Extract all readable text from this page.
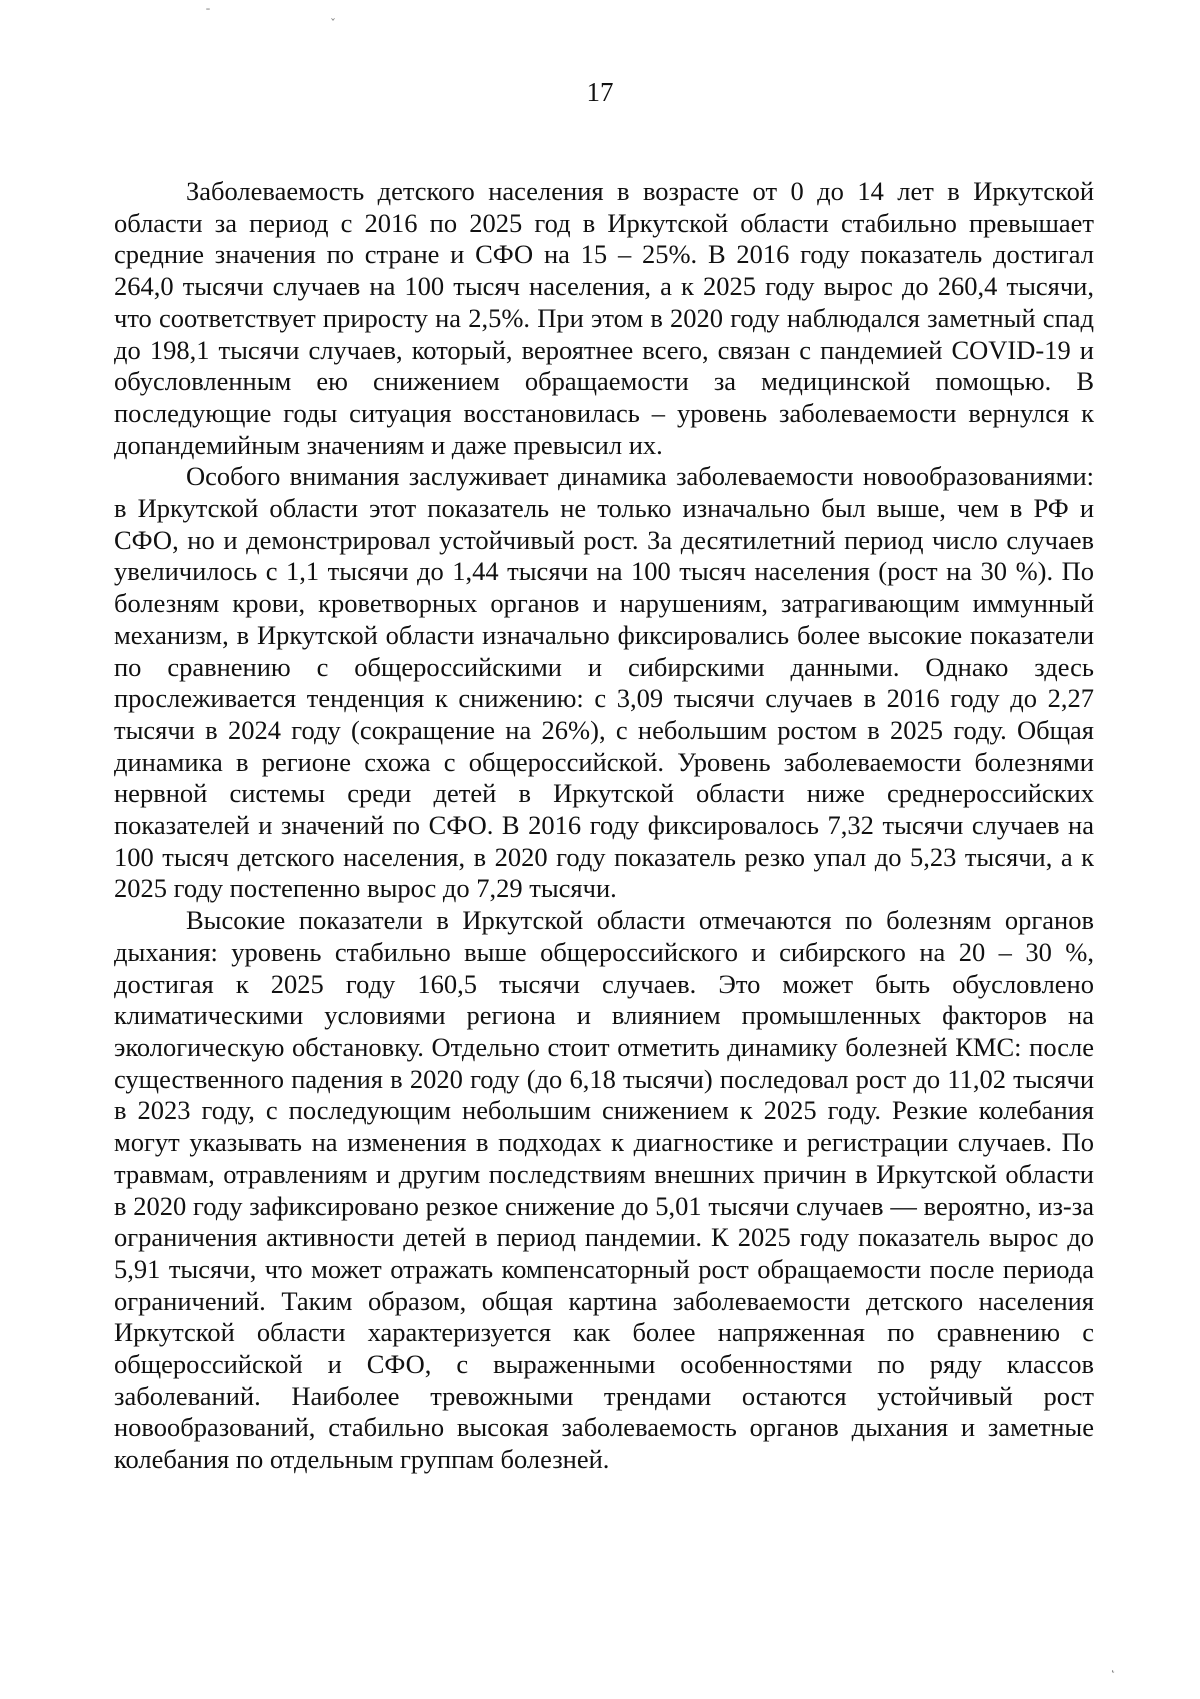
ˉ
ˇ
17

Заболеваемость детского населения в возрасте от 0 до 14 лет в Иркутской области за период с 2016 по 2025 год в Иркутской области стабильно превышает средние значения по стране и СФО на 15 – 25%. В 2016 году показатель достигал 264,0 тысячи случаев на 100 тысяч населения, а к 2025 году вырос до 260,4 тысячи, что соответствует приросту на 2,5%. При этом в 2020 году наблюдался заметный спад до 198,1 тысячи случаев, который, вероятнее всего, связан с пандемией COVID-19 и обусловленным ею снижением обращаемости за медицинской помощью. В последующие годы ситуация восстановилась – уровень заболеваемости вернулся к допандемийным значениям и даже превысил их.

Особого внимания заслуживает динамика заболеваемости новообразованиями: в Иркутской области этот показатель не только изначально был выше, чем в РФ и СФО, но и демонстрировал устойчивый рост. За десятилетний период число случаев увеличилось с 1,1 тысячи до 1,44 тысячи на 100 тысяч населения (рост на 30 %). По болезням крови, кроветворных органов и нарушениям, затрагивающим иммунный механизм, в Иркутской области изначально фиксировались более высокие показатели по сравнению с общероссийскими и сибирскими данными. Однако здесь прослеживается тенденция к снижению: с 3,09 тысячи случаев в 2016 году до 2,27 тысячи в 2024 году (сокращение на 26%), с небольшим ростом в 2025 году. Общая динамика в регионе схожа с общероссийской. Уровень заболеваемости болезнями нервной системы среди детей в Иркутской области ниже среднероссийских показателей и значений по СФО. В 2016 году фиксировалось 7,32 тысячи случаев на 100 тысяч детского населения, в 2020 году показатель резко упал до 5,23 тысячи, а к 2025 году постепенно вырос до 7,29 тысячи.

Высокие показатели в Иркутской области отмечаются по болезням органов дыхания: уровень стабильно выше общероссийского и сибирского на 20 – 30 %, достигая к 2025 году 160,5 тысячи случаев. Это может быть обусловлено климатическими условиями региона и влиянием промышленных факторов на экологическую обстановку. Отдельно стоит отметить динамику болезней КМС: после существенного падения в 2020 году (до 6,18 тысячи) последовал рост до 11,02 тысячи в 2023 году, с последующим небольшим снижением к 2025 году. Резкие колебания могут указывать на изменения в подходах к диагностике и регистрации случаев. По травмам, отравлениям и другим последствиям внешних причин в Иркутской области в 2020 году зафиксировано резкое снижение до 5,01 тысячи случаев — вероятно, из-за ограничения активности детей в период пандемии. К 2025 году показатель вырос до 5,91 тысячи, что может отражать компенсаторный рост обращаемости после периода ограничений. Таким образом, общая картина заболеваемости детского населения Иркутской области характеризуется как более напряженная по сравнению с общероссийской и СФО, с выраженными особенностями по ряду классов заболеваний. Наиболее тревожными трендами остаются устойчивый рост новообразований, стабильно высокая заболеваемость органов дыхания и заметные колебания по отдельным группам болезней.

˛
